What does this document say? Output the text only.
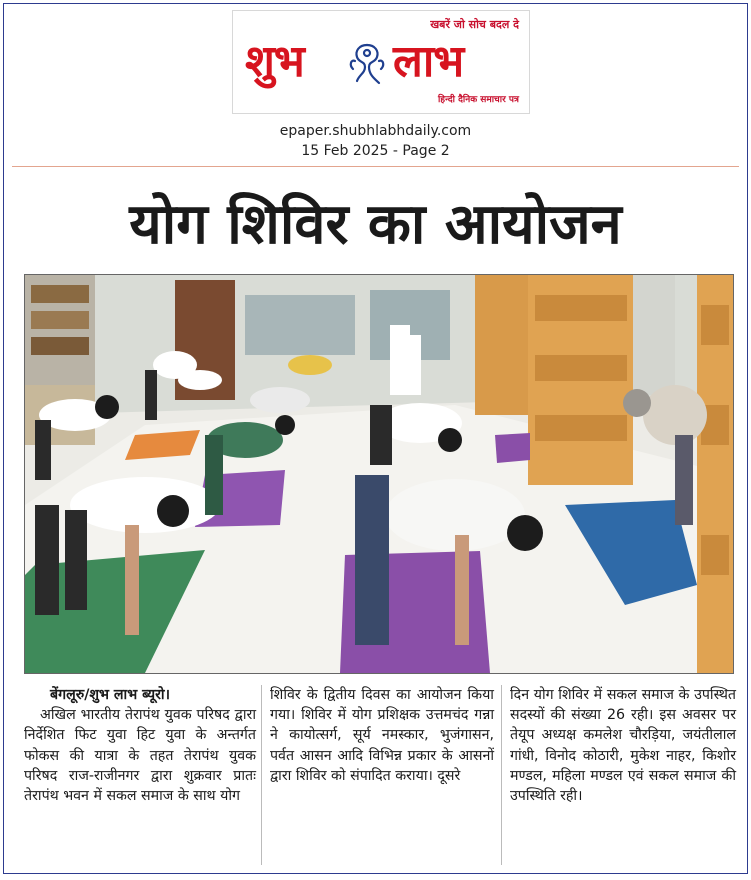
खबरें जो सोच बदल दे
शुभ लाभ
हिन्दी दैनिक समाचार पत्र
epaper.shubhlabhdaily.com
15 Feb 2025 - Page 2
योग शिविर का आयोजन
बेंगलूरु/शुभ लाभ ब्यूरो।

अखिल भारतीय तेरापंथ युवक परिषद द्वारा निर्देशित फिट युवा हिट युवा के अन्तर्गत फोकस की यात्रा के तहत तेरापंथ युवक परिषद राज-राजीनगर द्वारा शुक्रवार प्रातः तेरापंथ भवन में सकल समाज के साथ योग

शिविर के द्वितीय दिवस का आयोजन किया गया। शिविर में योग प्रशिक्षक उत्तमचंद गन्ना ने कायोत्सर्ग, सूर्य नमस्कार, भुजंगासन, पर्वत आसन आदि विभिन्न प्रकार के आसनों द्वारा शिविर को संपादित कराया। दूसरे

दिन योग शिविर में सकल समाज के उपस्थित सदस्यों की संख्या 26 रही। इस अवसर पर तेयूप अध्यक्ष कमलेश चौरड़िया, जयंतीलाल गांधी, विनोद कोठारी, मुकेश नाहर, किशोर मण्डल, महिला मण्डल एवं सकल समाज की उपस्थिति रही।
